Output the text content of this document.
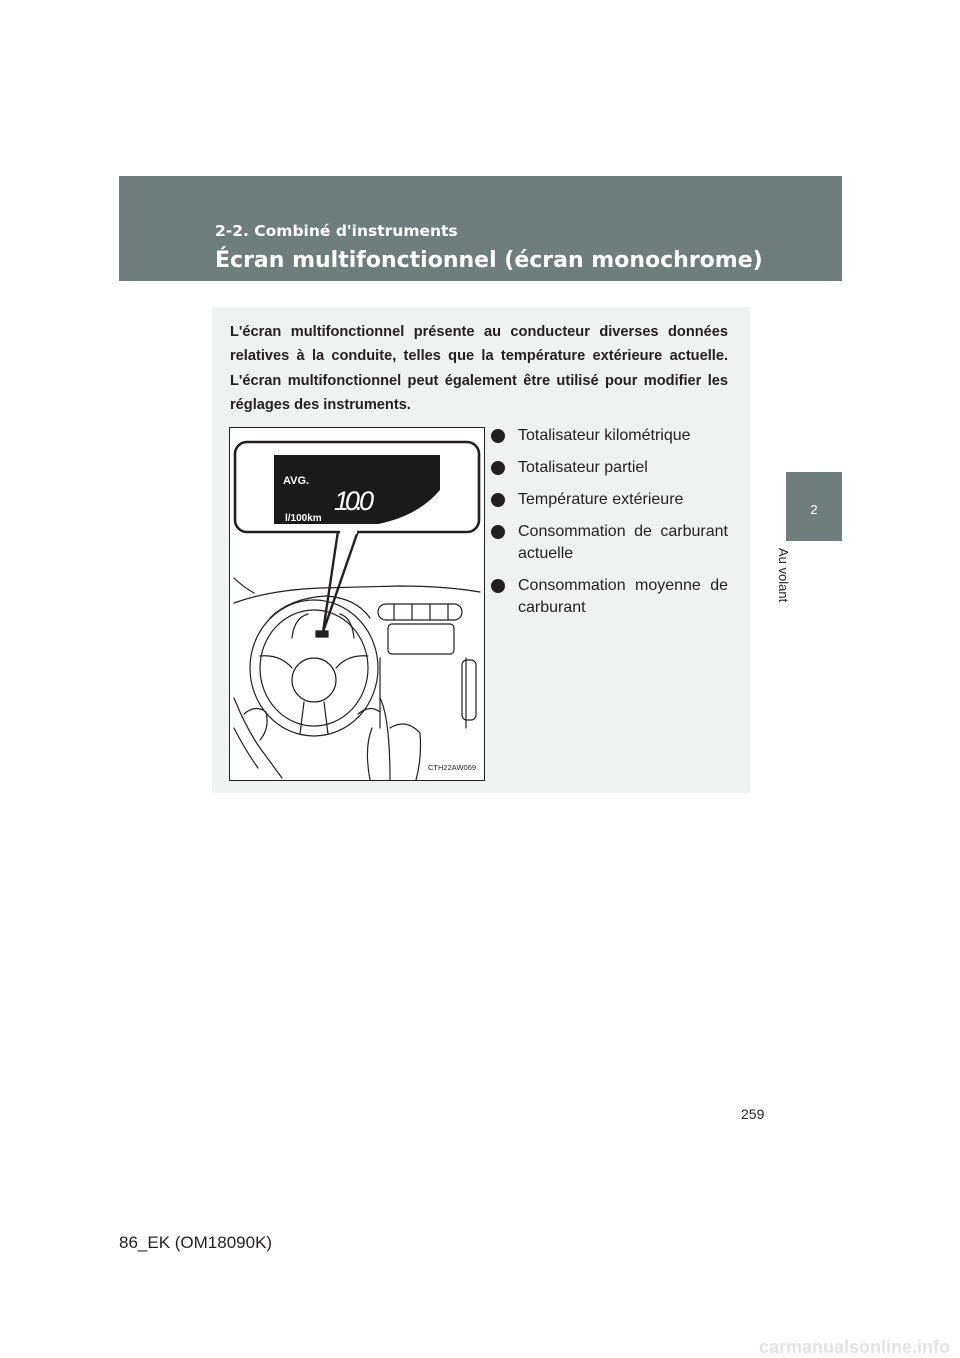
2-2. Combiné d'instruments
Écran multifonctionnel (écran monochrome)
2
Au volant
L'écran multifonctionnel présente au conducteur diverses données relatives à la conduite, telles que la température extérieure actuelle. L'écran multifonctionnel peut également être utilisé pour modifier les réglages des instruments.
AVG.
10.0
l/100km
CTH22AW069
Totalisateur kilométrique
Totalisateur partiel
Température extérieure
Consommation de carburant actuelle
Consommation moyenne de carburant
259
86_EK (OM18090K)
carmanualsonline.info
